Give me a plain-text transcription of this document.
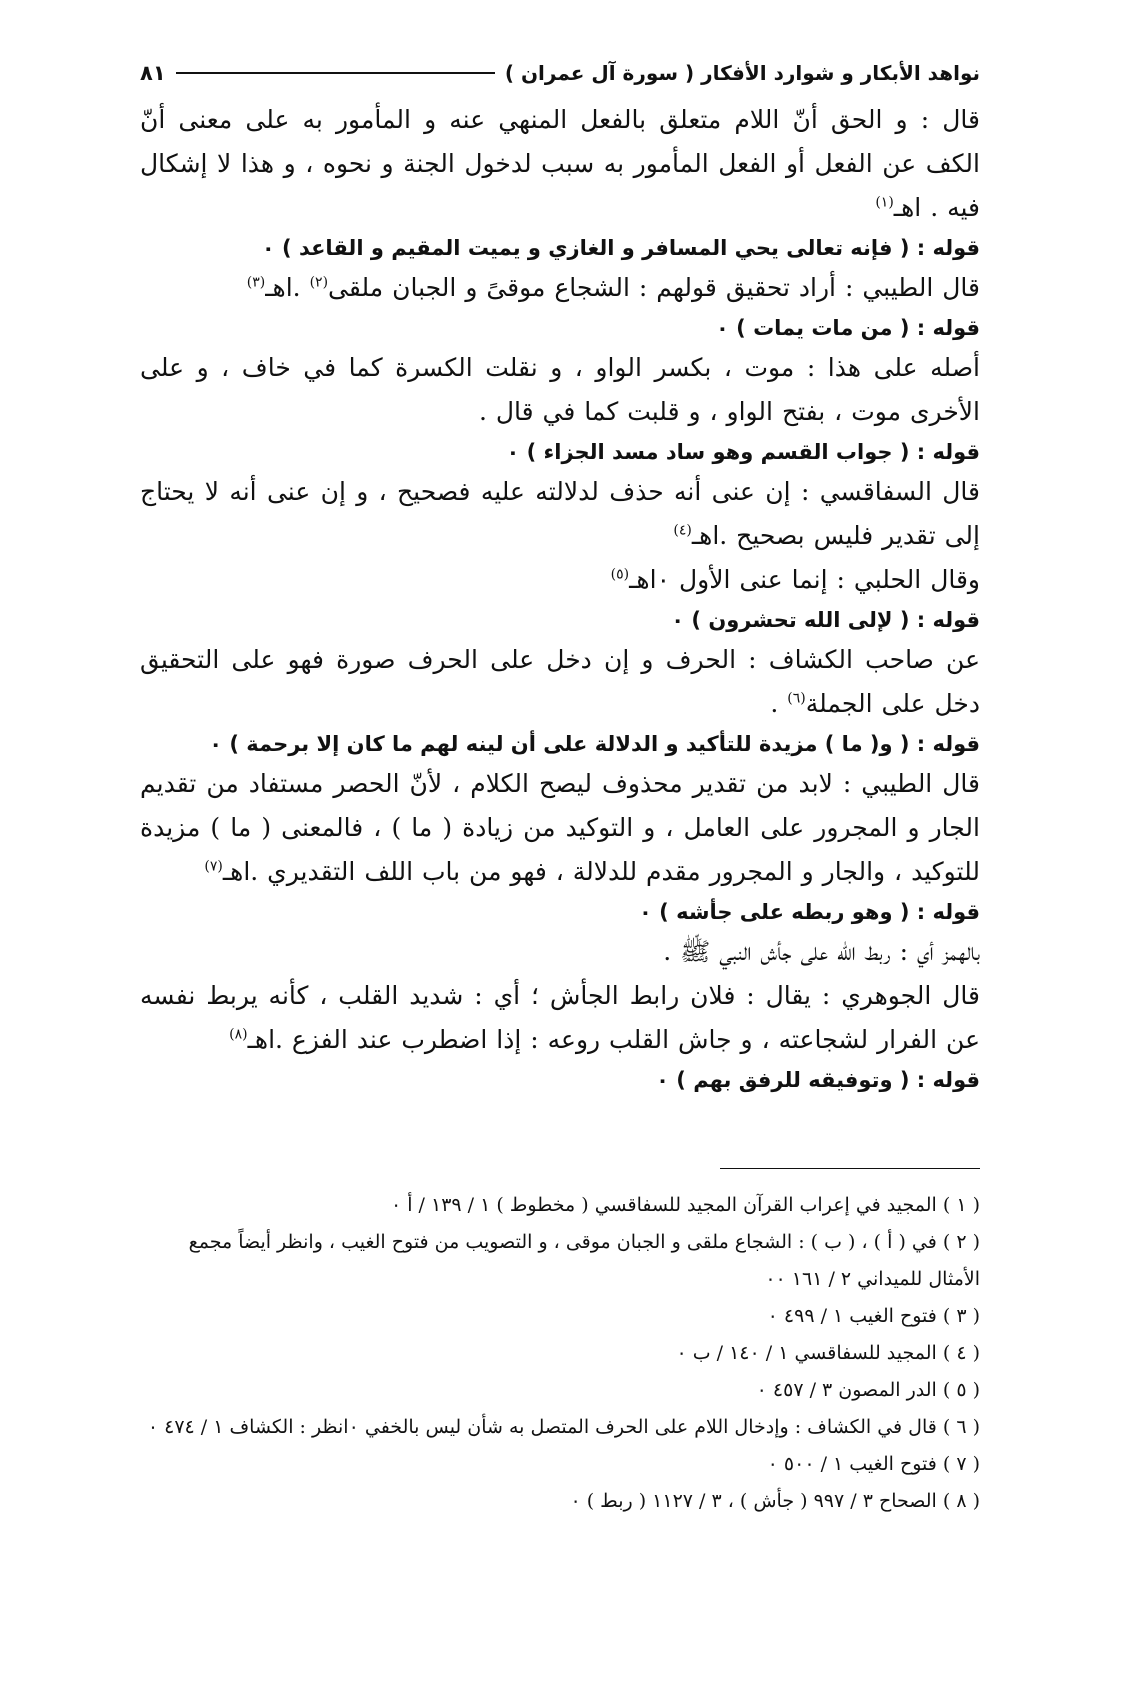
نواهد الأبكار و شوارد الأفكار ( سورة آل عمران )
٨١

قال : و الحق أنّ اللام متعلق بالفعل المنهي عنه و المأمور به على معنى أنّ الكف عن الفعل أو الفعل المأمور به سبب لدخول الجنة و نحوه ، و هذا لا إشكال فيه . اهـ$^{(١)}$

قوله : ( فإنه تعالى يحي المسافر و الغازي و يميت المقيم و القاعد ) ٠

قال الطيبي : أراد تحقيق قولهم : الشجاع موقىً و الجبان ملقى$^{(٢)}$ .اهـ$^{(٣)}$

قوله : ( من مات يمات ) ٠

أصله على هذا : موت ، بكسر الواو ، و نقلت الكسرة كما في خاف ، و على الأخرى موت ، بفتح الواو ، و قلبت كما في قال .

قوله : ( جواب القسم وهو ساد مسد الجزاء ) ٠

قال السفاقسي : إن عنى أنه حذف لدلالته عليه فصحيح ، و إن عنى أنه لا يحتاج إلى تقدير فليس بصحيح .اهـ$^{(٤)}$

وقال الحلبي : إنما عنى الأول ٠اهـ$^{(٥)}$

قوله : ( لإلى الله تحشرون ) ٠

عن صاحب الكشاف : الحرف و إن دخل على الحرف صورة فهو على التحقيق دخل على الجملة$^{(٦)}$ .

قوله : ( و( ما ) مزيدة للتأكيد و الدلالة على أن لينه لهم ما كان إلا برحمة ) ٠

قال الطيبي : لابد من تقدير محذوف ليصح الكلام ، لأنّ الحصر مستفاد من تقديم الجار و المجرور على العامل ، و التوكيد من زيادة ( ما ) ، فالمعنى ( ما ) مزيدة للتوكيد ، والجار و المجرور مقدم للدلالة ، فهو من باب اللف التقديري .اهـ$^{(٧)}$

قوله : ( وهو ربطه على جأشه ) ٠

بالهمز أي : ربط الله على جأش النبي ﷺ .

قال الجوهري : يقال : فلان رابط الجأش ؛ أي : شديد القلب ، كأنه يربط نفسه عن الفرار لشجاعته ، و جاش القلب روعه : إذا اضطرب عند الفزع .اهـ$^{(٨)}$

قوله : ( وتوفيقه للرفق بهم ) ٠

( ١ ) المجيد في إعراب القرآن المجيد للسفاقسي ( مخطوط ) ١ / ١٣٩ / أ ٠

( ٢ ) في ( أ ) ، ( ب ) : الشجاع ملقى و الجبان موقى ، و التصويب من فتوح الغيب ، وانظر أيضاً مجمع الأمثال للميداني ٢ / ١٦١ ٠٠

( ٣ ) فتوح الغيب ١ / ٤٩٩ ٠

( ٤ ) المجيد للسفاقسي ١ / ١٤٠ / ب ٠

( ٥ ) الدر المصون ٣ / ٤٥٧ ٠

( ٦ ) قال في الكشاف : وإدخال اللام على الحرف المتصل به شأن ليس بالخفي ٠انظر : الكشاف ١ / ٤٧٤ ٠

( ٧ ) فتوح الغيب ١ / ٥٠٠ ٠

( ٨ ) الصحاح ٣ / ٩٩٧ ( جأش ) ، ٣ / ١١٢٧ ( ربط ) ٠
